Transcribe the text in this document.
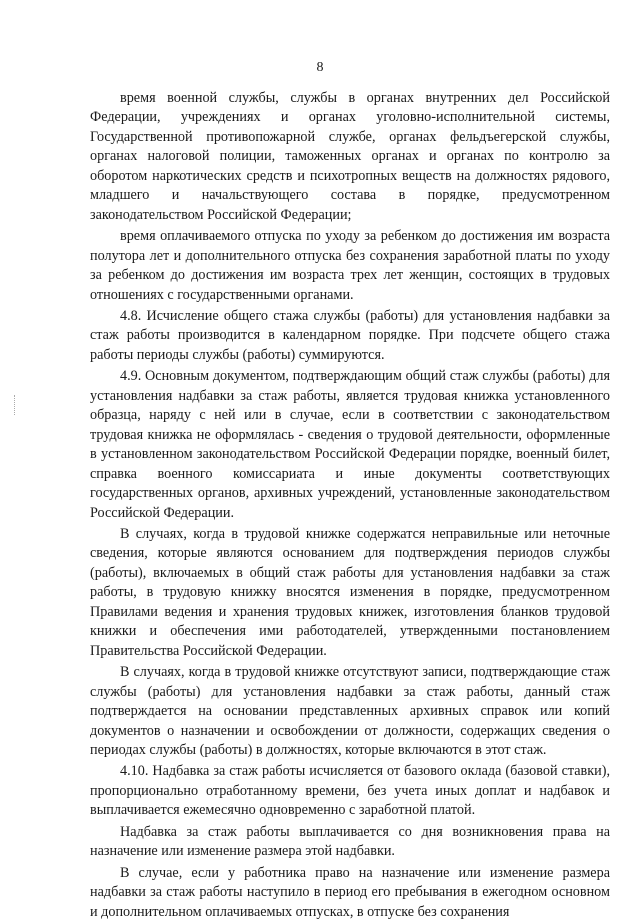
8

время военной службы, службы в органах внутренних дел Российской Федерации, учреждениях и органах уголовно-исполнительной системы, Государственной противопожарной службе, органах фельдъегерской службы, органах налоговой полиции, таможенных органах и органах по контролю за оборотом наркотических средств и психотропных веществ на должностях рядового, младшего и начальствующего состава в порядке, предусмотренном законодательством Российской Федерации;

время оплачиваемого отпуска по уходу за ребенком до достижения им возраста полутора лет и дополнительного отпуска без сохранения заработной платы по уходу за ребенком до достижения им возраста трех лет женщин, состоящих в трудовых отношениях с государственными органами.

4.8. Исчисление общего стажа службы (работы) для установления надбавки за стаж работы производится в календарном порядке. При подсчете общего стажа работы периоды службы (работы) суммируются.

4.9. Основным документом, подтверждающим общий стаж службы (работы) для установления надбавки за стаж работы, является трудовая книжка установленного образца, наряду с ней или в случае, если в соответствии с законодательством трудовая книжка не оформлялась - сведения о трудовой деятельности, оформленные в установленном законодательством Российской Федерации порядке, военный билет, справка военного комиссариата и иные документы соответствующих государственных органов, архивных учреждений, установленные законодательством Российской Федерации.

В случаях, когда в трудовой книжке содержатся неправильные или неточные сведения, которые являются основанием для подтверждения периодов службы (работы), включаемых в общий стаж работы для установления надбавки за стаж работы, в трудовую книжку вносятся изменения в порядке, предусмотренном Правилами ведения и хранения трудовых книжек, изготовления бланков трудовой книжки и обеспечения ими работодателей, утвержденными постановлением Правительства Российской Федерации.

В случаях, когда в трудовой книжке отсутствуют записи, подтверждающие стаж службы (работы) для установления надбавки за стаж работы, данный стаж подтверждается на основании представленных архивных справок или копий документов о назначении и освобождении от должности, содержащих сведения о периодах службы (работы) в должностях, которые включаются в этот стаж.

4.10. Надбавка за стаж работы исчисляется от базового оклада (базовой ставки), пропорционально отработанному времени, без учета иных доплат и надбавок и выплачивается ежемесячно одновременно с заработной платой.

Надбавка за стаж работы выплачивается со дня возникновения права на назначение или изменение размера этой надбавки.

В случае, если у работника право на назначение или изменение размера надбавки за стаж работы наступило в период его пребывания в ежегодном основном и дополнительном оплачиваемых отпусках, в отпуске без сохранения
